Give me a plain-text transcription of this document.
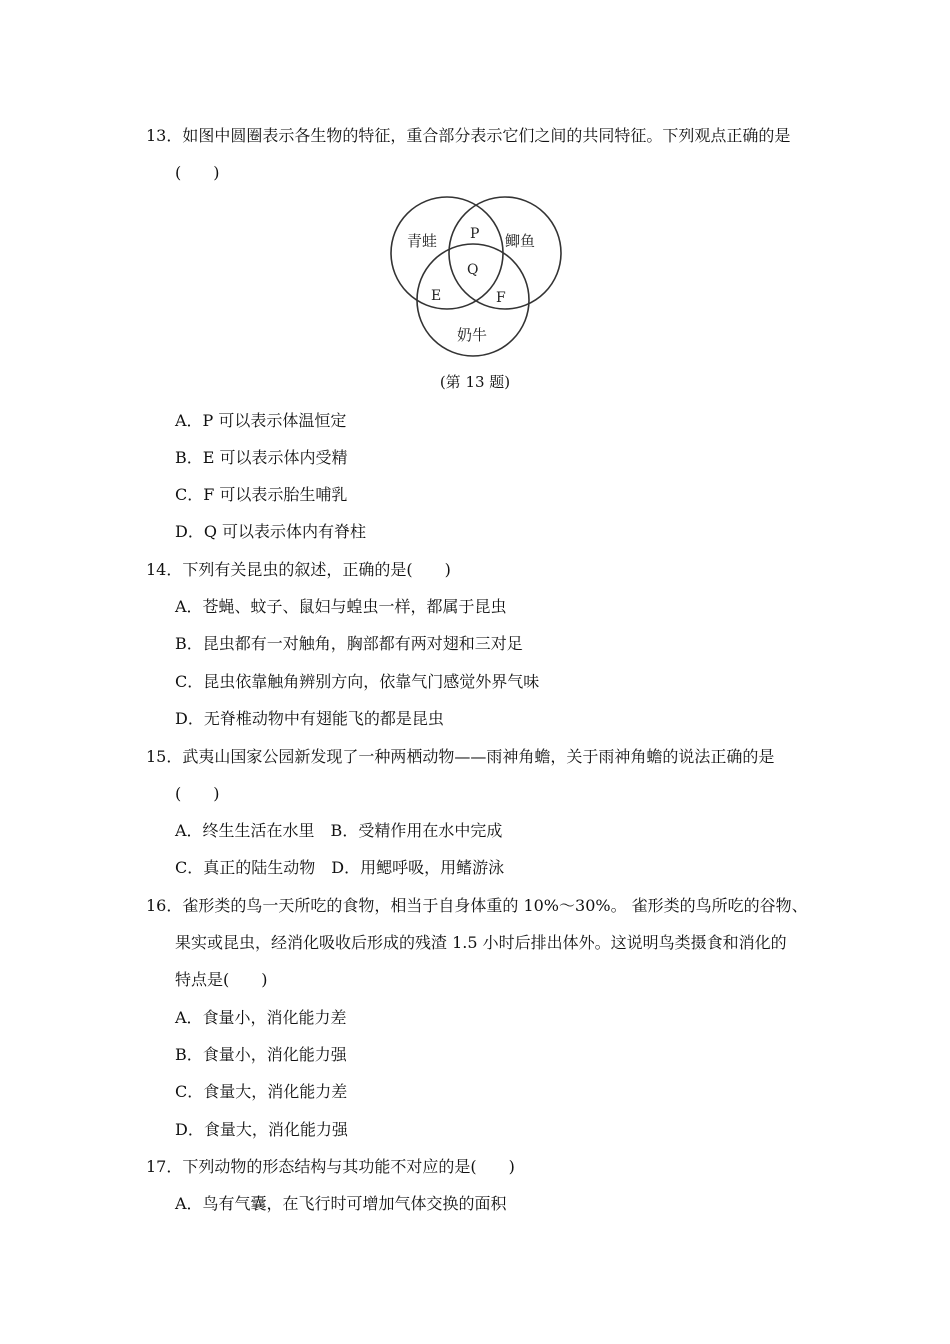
13．如图中圆圈表示各生物的特征，重合部分表示它们之间的共同特征。下列观点正确的是
(　　)
青蛙	鲫鱼
奶牛
P
Q
E	F
(第 13 题)
A．P 可以表示体温恒定
B．E 可以表示体内受精
C．F 可以表示胎生哺乳
D．Q 可以表示体内有脊柱
14．下列有关昆虫的叙述，正确的是(　　)
A．苍蝇、蚊子、鼠妇与蝗虫一样，都属于昆虫
B．昆虫都有一对触角，胸部都有两对翅和三对足
C．昆虫依靠触角辨别方向，依靠气门感觉外界气味
D．无脊椎动物中有翅能飞的都是昆虫
15．武夷山国家公园新发现了一种两栖动物——雨神角蟾，关于雨神角蟾的说法正确的是
(　　)
A．终生生活在水里　B．受精作用在水中完成
C．真正的陆生动物　D．用鳃呼吸，用鳍游泳
16．雀形类的鸟一天所吃的食物，相当于自身体重的 10%～30%。 雀形类的鸟所吃的谷物、
果实或昆虫，经消化吸收后形成的残渣 1.5 小时后排出体外。这说明鸟类摄食和消化的
特点是(　　)
A．食量小，消化能力差
B．食量小，消化能力强
C．食量大，消化能力差
D．食量大，消化能力强
17．下列动物的形态结构与其功能不对应的是(　　)
A．鸟有气囊，在飞行时可增加气体交换的面积
